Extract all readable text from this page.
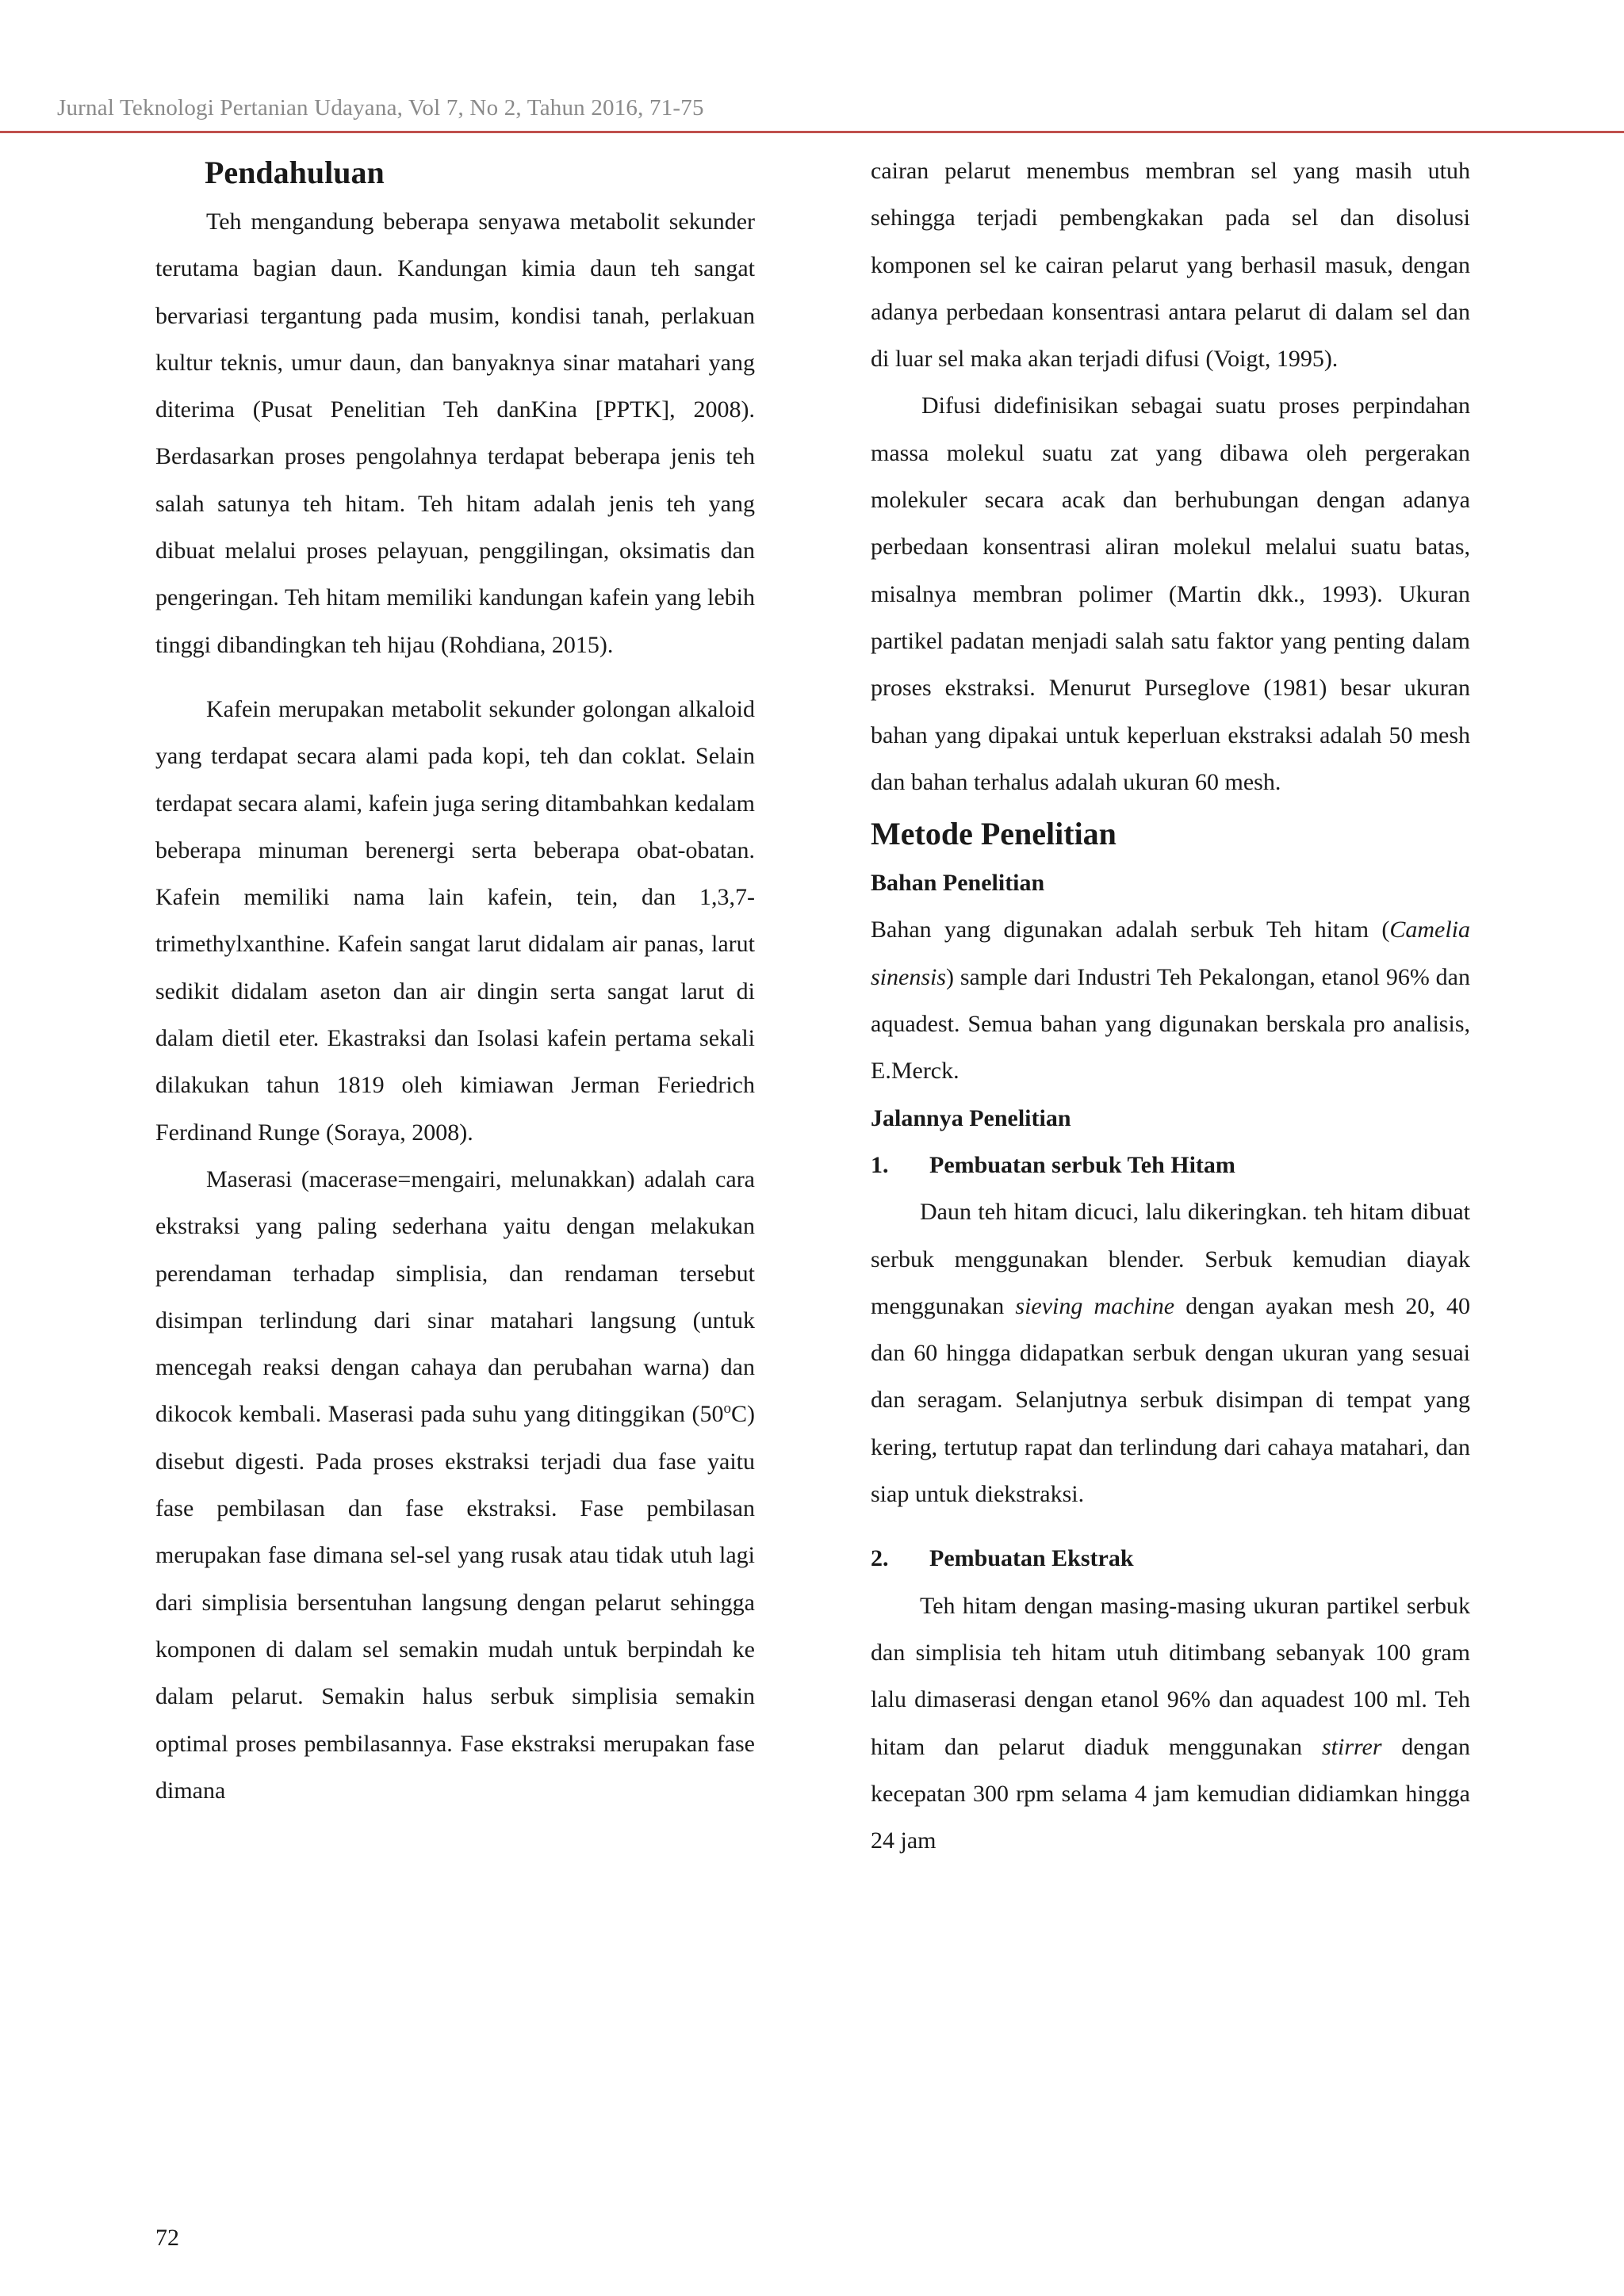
Jurnal Teknologi Pertanian Udayana, Vol 7, No 2, Tahun 2016, 71-75
Pendahuluan

Teh mengandung beberapa senyawa metabolit sekunder terutama bagian daun. Kandungan kimia daun teh sangat bervariasi tergantung pada musim, kondisi tanah, perlakuan kultur teknis, umur daun, dan banyaknya sinar matahari yang diterima (Pusat Penelitian Teh danKina [PPTK], 2008). Berdasarkan proses pengolahnya terdapat beberapa jenis teh salah satunya teh hitam. Teh hitam adalah jenis teh yang dibuat melalui proses pelayuan, penggilingan, oksimatis dan pengeringan. Teh hitam memiliki kandungan kafein yang lebih tinggi dibandingkan teh hijau (Rohdiana, 2015).

Kafein merupakan metabolit sekunder golongan alkaloid yang terdapat secara alami pada kopi, teh dan coklat. Selain terdapat secara alami, kafein juga sering ditambahkan kedalam beberapa minuman berenergi serta beberapa obat-obatan. Kafein memiliki nama lain kafein, tein, dan 1,3,7-trimethylxanthine. Kafein sangat larut didalam air panas, larut sedikit didalam aseton dan air dingin serta sangat larut di dalam dietil eter. Ekastraksi dan Isolasi kafein pertama sekali dilakukan tahun 1819 oleh kimiawan Jerman Feriedrich Ferdinand Runge (Soraya, 2008).

Maserasi (macerase=mengairi, melunakkan) adalah cara ekstraksi yang paling sederhana yaitu dengan melakukan perendaman terhadap simplisia, dan rendaman tersebut disimpan terlindung dari sinar matahari langsung (untuk mencegah reaksi dengan cahaya dan perubahan warna) dan dikocok kembali. Maserasi pada suhu yang ditinggikan (50$^o$C) disebut digesti. Pada proses ekstraksi terjadi dua fase yaitu fase pembilasan dan fase ekstraksi. Fase pembilasan merupakan fase dimana sel-sel yang rusak atau tidak utuh lagi dari simplisia bersentuhan langsung dengan pelarut sehingga komponen di dalam sel semakin mudah untuk berpindah ke dalam pelarut. Semakin halus serbuk simplisia semakin optimal proses pembilasannya. Fase ekstraksi merupakan fase dimana

cairan pelarut menembus membran sel yang masih utuh sehingga terjadi pembengkakan pada sel dan disolusi komponen sel ke cairan pelarut yang berhasil masuk, dengan adanya perbedaan konsentrasi antara pelarut di dalam sel dan di luar sel maka akan terjadi difusi (Voigt, 1995).

Difusi didefinisikan sebagai suatu proses perpindahan massa molekul suatu zat yang dibawa oleh pergerakan molekuler secara acak dan berhubungan dengan adanya perbedaan konsentrasi aliran molekul melalui suatu batas, misalnya membran polimer (Martin dkk., 1993). Ukuran partikel padatan menjadi salah satu faktor yang penting dalam proses ekstraksi. Menurut Purseglove (1981) besar ukuran bahan yang dipakai untuk keperluan ekstraksi adalah 50 mesh dan bahan terhalus adalah ukuran 60 mesh.

Metode Penelitian
Bahan Penelitian

Bahan yang digunakan adalah serbuk Teh hitam (Camelia sinensis) sample dari Industri Teh Pekalongan, etanol 96% dan aquadest. Semua bahan yang digunakan berskala pro analisis, E.Merck.

Jalannya Penelitian
1.	Pembuatan serbuk Teh Hitam

Daun teh hitam dicuci, lalu dikeringkan. teh hitam dibuat serbuk menggunakan blender. Serbuk kemudian diayak menggunakan sieving machine dengan ayakan mesh 20, 40 dan 60 hingga didapatkan serbuk dengan ukuran yang sesuai dan seragam. Selanjutnya serbuk disimpan di tempat yang kering, tertutup rapat dan terlindung dari cahaya matahari, dan siap untuk diekstraksi.

2.	Pembuatan Ekstrak

Teh hitam dengan masing-masing ukuran partikel serbuk dan simplisia teh hitam utuh ditimbang sebanyak 100 gram lalu dimaserasi dengan etanol 96% dan aquadest 100 ml. Teh hitam dan pelarut diaduk menggunakan stirrer dengan kecepatan 300 rpm selama 4 jam kemudian didiamkan hingga 24 jam

72
